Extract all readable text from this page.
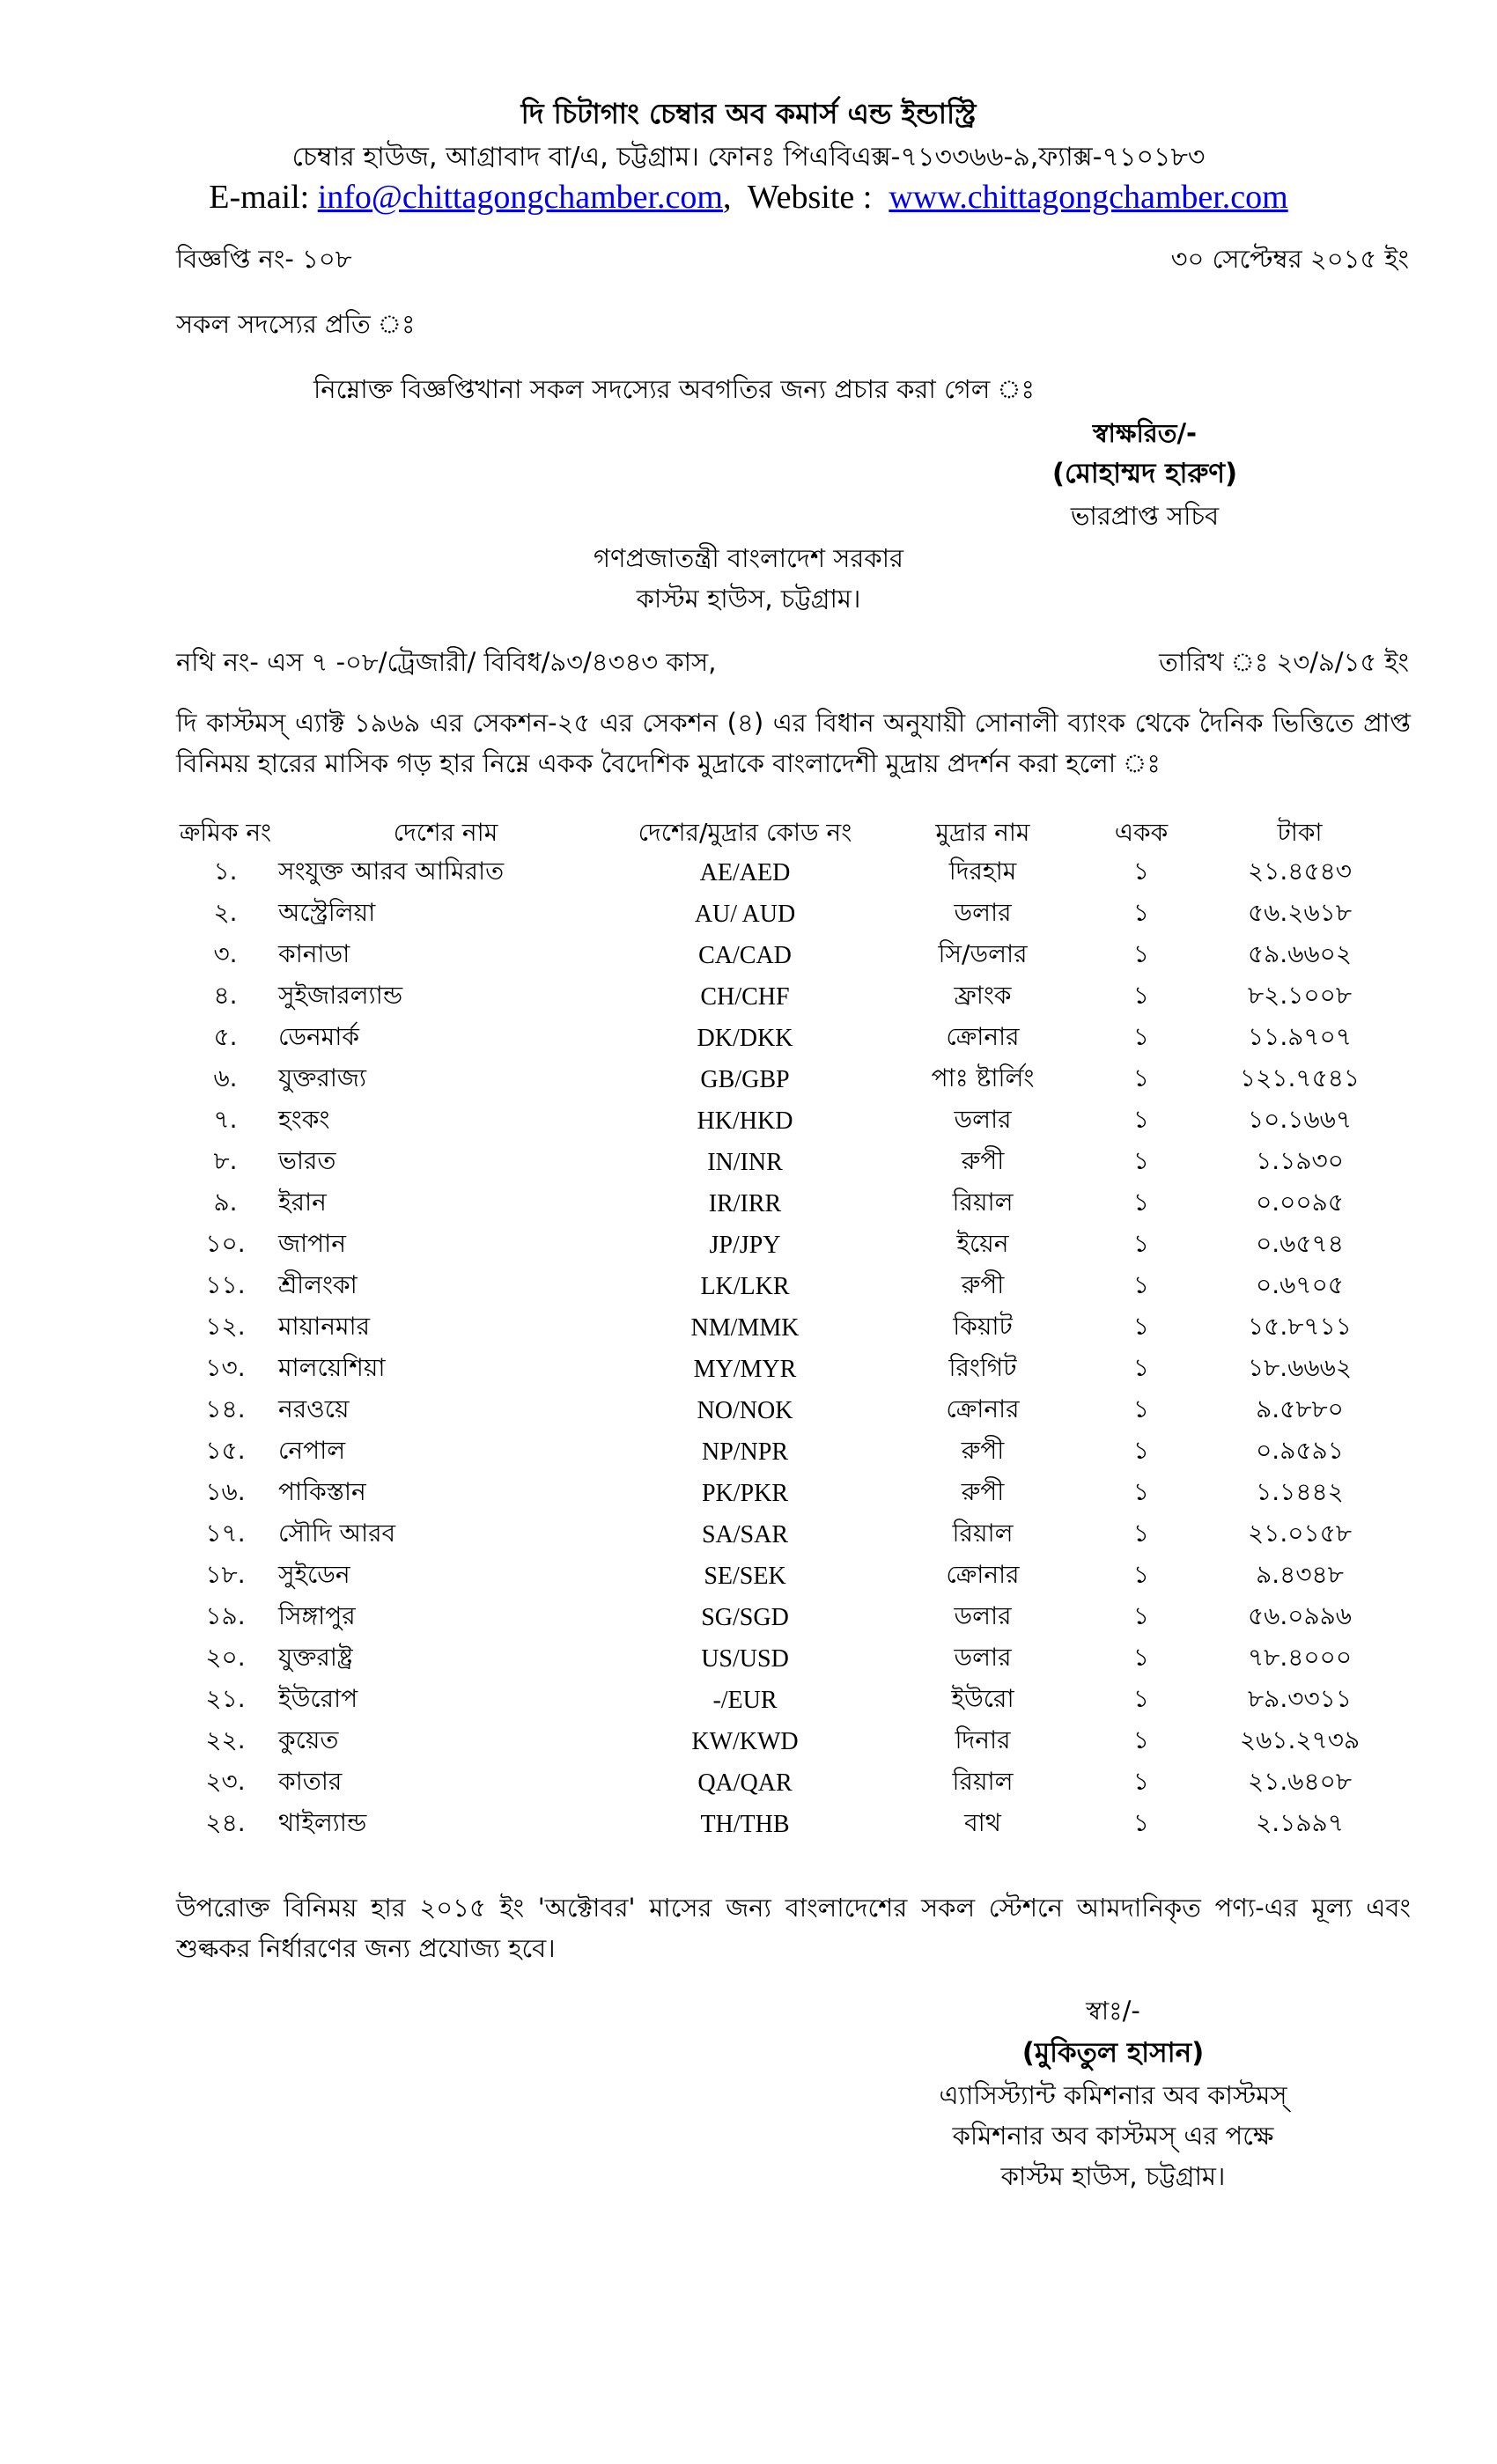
দি চিটাগাং চেম্বার অব কমার্স এন্ড ইন্ডাস্ট্রি
চেম্বার হাউজ, আগ্রাবাদ বা/এ, চট্টগ্রাম। ফোনঃ পিএবিএক্স-৭১৩৩৬৬-৯,ফ্যাক্স-৭১০১৮৩
E-mail: info@chittagongchamber.com, Website : www.chittagongchamber.com
বিজ্ঞপ্তি নং- ১০৮	৩০ সেপ্টেম্বর ২০১৫ ইং
সকল সদস্যের প্রতি ঃ
নিম্নোক্ত বিজ্ঞপ্তিখানা সকল সদস্যের অবগতির জন্য প্রচার করা গেল ঃ
স্বাক্ষরিত/-
(মোহাম্মদ হারুণ)
ভারপ্রাপ্ত সচিব
গণপ্রজাতন্ত্রী বাংলাদেশ সরকার
কাস্টম হাউস, চট্টগ্রাম।
নথি নং- এস ৭ -০৮/ট্রেজারী/ বিবিধ/৯৩/৪৩৪৩ কাস,	তারিখ ঃ ২৩/৯/১৫ ইং
দি কাস্টমস্ এ্যাক্ট ১৯৬৯ এর সেকশন-২৫ এর সেকশন (৪) এর বিধান অনুযায়ী সোনালী ব্যাংক থেকে দৈনিক ভিত্তিতে প্রাপ্ত বিনিময় হারের মাসিক গড় হার নিম্নে একক বৈদেশিক মুদ্রাকে বাংলাদেশী মুদ্রায় প্রদর্শন করা হলো ঃ
ক্রমিক নং	দেশের নাম	দেশের/মুদ্রার কোড নং	মুদ্রার নাম	একক	টাকা
১.	সংযুক্ত আরব আমিরাত	AE/AED	দিরহাম	১	২১.৪৫৪৩
২.	অস্ট্রেলিয়া	AU/ AUD	ডলার	১	৫৬.২৬১৮
৩.	কানাডা	CA/CAD	সি/ডলার	১	৫৯.৬৬০২
৪.	সুইজারল্যান্ড	CH/CHF	ফ্রাংক	১	৮২.১০০৮
৫.	ডেনমার্ক	DK/DKK	ক্রোনার	১	১১.৯৭০৭
৬.	যুক্তরাজ্য	GB/GBP	পাঃ ষ্টার্লিং	১	১২১.৭৫৪১
৭.	হংকং	HK/HKD	ডলার	১	১০.১৬৬৭
৮.	ভারত	IN/INR	রুপী	১	১.১৯৩০
৯.	ইরান	IR/IRR	রিয়াল	১	০.০০৯৫
১০.	জাপান	JP/JPY	ইয়েন	১	০.৬৫৭৪
১১.	শ্রীলংকা	LK/LKR	রুপী	১	০.৬৭০৫
১২.	মায়ানমার	NM/MMK	কিয়াট	১	১৫.৮৭১১
১৩.	মালয়েশিয়া	MY/MYR	রিংগিট	১	১৮.৬৬৬২
১৪.	নরওয়ে	NO/NOK	ক্রোনার	১	৯.৫৮৮০
১৫.	নেপাল	NP/NPR	রুপী	১	০.৯৫৯১
১৬.	পাকিস্তান	PK/PKR	রুপী	১	১.১৪৪২
১৭.	সৌদি আরব	SA/SAR	রিয়াল	১	২১.০১৫৮
১৮.	সুইডেন	SE/SEK	ক্রোনার	১	৯.৪৩৪৮
১৯.	সিঙ্গাপুর	SG/SGD	ডলার	১	৫৬.০৯৯৬
২০.	যুক্তরাষ্ট্র	US/USD	ডলার	১	৭৮.৪০০০
২১.	ইউরোপ	-/EUR	ইউরো	১	৮৯.৩৩১১
২২.	কুয়েত	KW/KWD	দিনার	১	২৬১.২৭৩৯
২৩.	কাতার	QA/QAR	রিয়াল	১	২১.৬৪০৮
২৪.	থাইল্যান্ড	TH/THB	বাথ	১	২.১৯৯৭
উপরোক্ত বিনিময় হার ২০১৫ ইং 'অক্টোবর' মাসের জন্য বাংলাদেশের সকল স্টেশনে আমদানিকৃত পণ্য-এর মূল্য এবং শুল্ককর নির্ধারণের জন্য প্রযোজ্য হবে।
স্বাঃ/-
(মুকিতুল হাসান)
এ্যাসিস্ট্যান্ট কমিশনার অব কাস্টমস্
কমিশনার অব কাস্টমস্ এর পক্ষে
কাস্টম হাউস, চট্টগ্রাম।
